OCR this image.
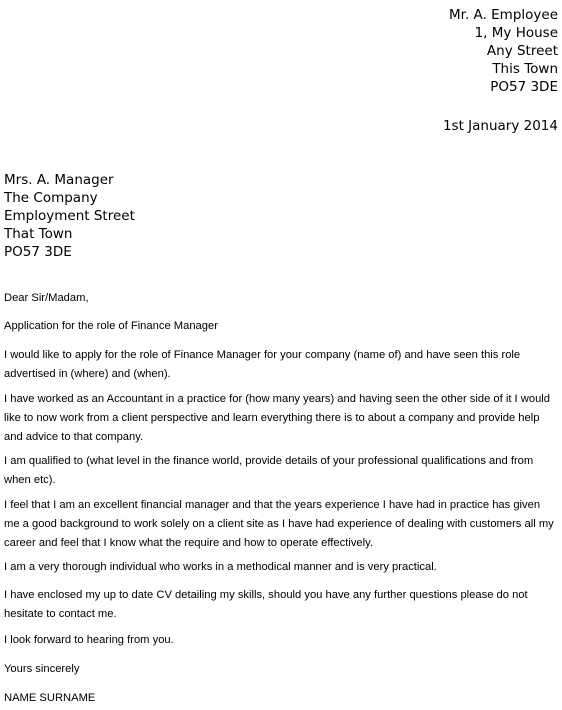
Mr. A. Employee
1, My House
Any Street
This Town
PO57 3DE
1st January 2014
Mrs. A. Manager
The Company
Employment Street
That Town
PO57 3DE
Dear Sir/Madam,
Application for the role of Finance Manager
I would like to apply for the role of Finance Manager for your company (name of) and have seen this role advertised in (where) and (when).
I have worked as an Accountant in a practice for (how many years) and having seen the other side of it I would like to now work from a client perspective and learn everything there is to about a company and provide help and advice to that company.
I am qualified to (what level in the finance world, provide details of your professional qualifications and from when etc).
I feel that I am an excellent financial manager and that the years experience I have had in practice has given me a good background to work solely on a client site as I have had experience of dealing with customers all my career and feel that I know what the require and how to operate effectively.
I am a very thorough individual who works in a methodical manner and is very practical.
I have enclosed my up to date CV detailing my skills, should you have any further questions please do not hesitate to contact me.
I look forward to hearing from you.
Yours sincerely
NAME SURNAME
